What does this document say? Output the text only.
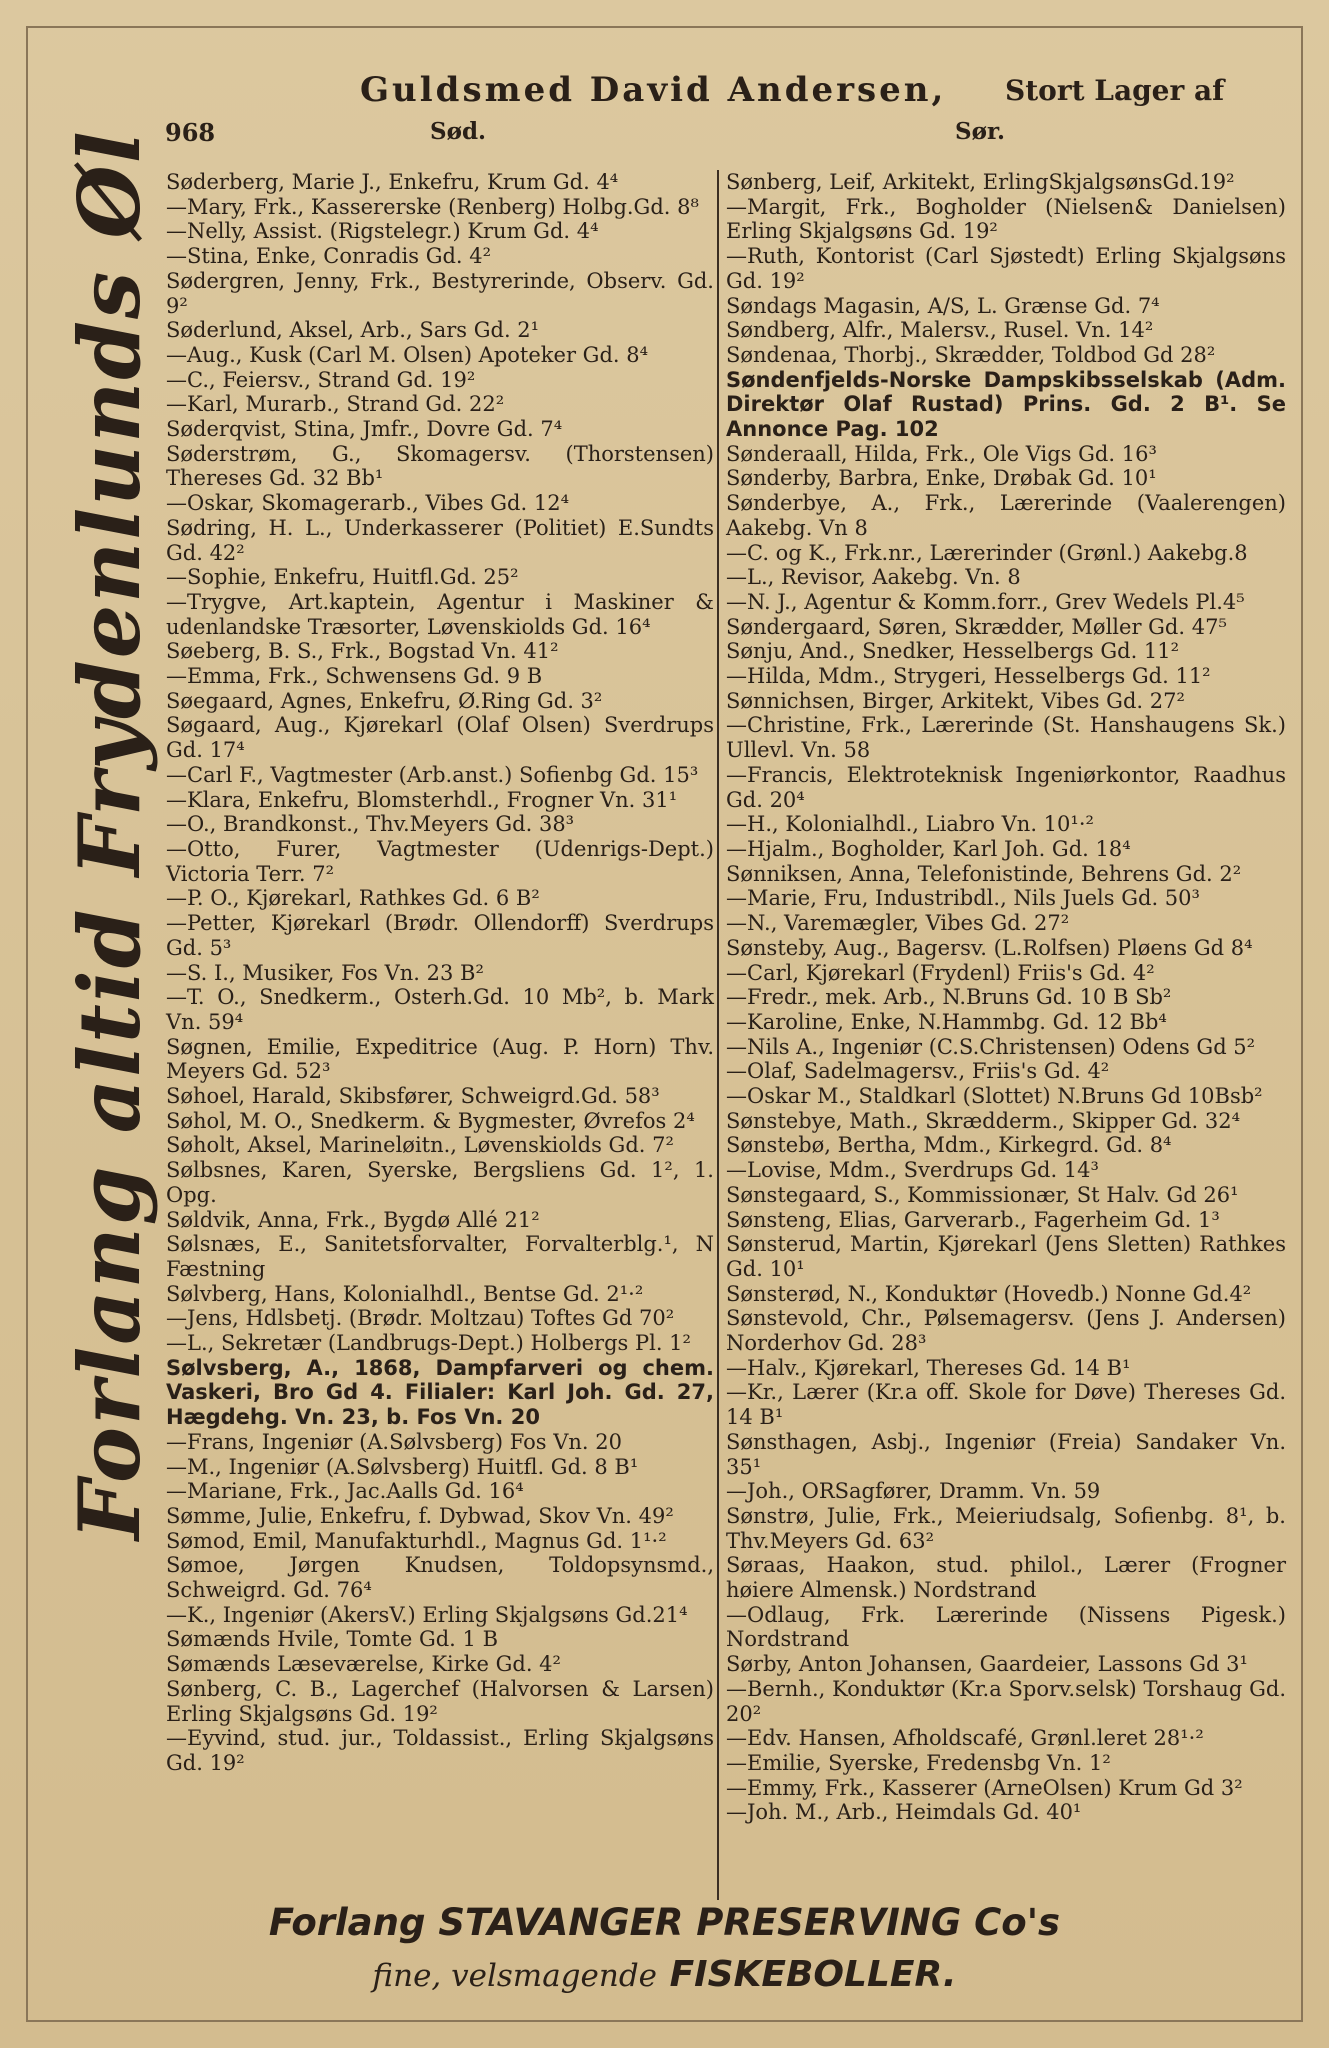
Guldsmed David Andersen, Stort Lager af
968	Sød.	Sør.
Forlang altid Frydenlunds Øl Søderberg, Marie J., Enkefru, Krum Gd. 4⁴

—Mary, Frk., Kassererske (Renberg) Holbg.Gd. 8⁸

—Nelly, Assist. (Rigstelegr.) Krum Gd. 4⁴

—Stina, Enke, Conradis Gd. 4²

Sødergren, Jenny, Frk., Bestyrerinde, Observ. Gd. 9²

Søderlund, Aksel, Arb., Sars Gd. 2¹

—Aug., Kusk (Carl M. Olsen) Apoteker Gd. 8⁴

—C., Feiersv., Strand Gd. 19²

—Karl, Murarb., Strand Gd. 22²

Søderqvist, Stina, Jmfr., Dovre Gd. 7⁴

Søderstrøm, G., Skomagersv. (Thorstensen) Thereses Gd. 32 Bb¹

—Oskar, Skomagerarb., Vibes Gd. 12⁴

Sødring, H. L., Underkasserer (Politiet) E.Sundts Gd. 42²

—Sophie, Enkefru, Huitfl.Gd. 25²

—Trygve, Art.kaptein, Agentur i Maskiner & udenlandske Træsorter, Løvenskiolds Gd. 16⁴

Søeberg, B. S., Frk., Bogstad Vn. 41²

—Emma, Frk., Schwensens Gd. 9 B

Søegaard, Agnes, Enkefru, Ø.Ring Gd. 3²

Søgaard, Aug., Kjørekarl (Olaf Olsen) Sverdrups Gd. 17⁴

—Carl F., Vagtmester (Arb.anst.) Sofienbg Gd. 15³

—Klara, Enkefru, Blomsterhdl., Frogner Vn. 31¹

—O., Brandkonst., Thv.Meyers Gd. 38³

—Otto, Furer, Vagtmester (Udenrigs-Dept.) Victoria Terr. 7²

—P. O., Kjørekarl, Rathkes Gd. 6 B²

—Petter, Kjørekarl (Brødr. Ollendorff) Sverdrups Gd. 5³

—S. I., Musiker, Fos Vn. 23 B²

—T. O., Snedkerm., Osterh.Gd. 10 Mb², b. Mark Vn. 59⁴

Søgnen, Emilie, Expeditrice (Aug. P. Horn) Thv. Meyers Gd. 52³

Søhoel, Harald, Skibsfører, Schweigrd.Gd. 58³

Søhol, M. O., Snedkerm. & Bygmester, Øvrefos 2⁴

Søholt, Aksel, Marineløitn., Løvenskiolds Gd. 7²

Sølbsnes, Karen, Syerske, Bergsliens Gd. 1², 1. Opg.

Søldvik, Anna, Frk., Bygdø Allé 21²

Sølsnæs, E., Sanitetsforvalter, Forvalterblg.¹, N Fæstning

Sølvberg, Hans, Kolonialhdl., Bentse Gd. 2¹·²

—Jens, Hdlsbetj. (Brødr. Moltzau) Toftes Gd 70²

—L., Sekretær (Landbrugs-Dept.) Holbergs Pl. 1²

Sølvsberg, A., 1868, Dampfarveri og chem. Vaskeri, Bro Gd 4. Filialer: Karl Joh. Gd. 27, Hægdehg. Vn. 23, b. Fos Vn. 20

—Frans, Ingeniør (A.Sølvsberg) Fos Vn. 20

—M., Ingeniør (A.Sølvsberg) Huitfl. Gd. 8 B¹

—Mariane, Frk., Jac.Aalls Gd. 16⁴

Sømme, Julie, Enkefru, f. Dybwad, Skov Vn. 49²

Sømod, Emil, Manufakturhdl., Magnus Gd. 1¹·²

Sømoe, Jørgen Knudsen, Toldopsynsmd., Schweigrd. Gd. 76⁴

—K., Ingeniør (AkersV.) Erling Skjalgsøns Gd.21⁴

Sømænds Hvile, Tomte Gd. 1 B

Sømænds Læseværelse, Kirke Gd. 4²

Sønberg, C. B., Lagerchef (Halvorsen & Larsen) Erling Skjalgsøns Gd. 19²

—Eyvind, stud. jur., Toldassist., Erling Skjalgsøns Gd. 19²

Sønberg, Leif, Arkitekt, ErlingSkjalgsønsGd.19²

—Margit, Frk., Bogholder (Nielsen& Danielsen) Erling Skjalgsøns Gd. 19²

—Ruth, Kontorist (Carl Sjøstedt) Erling Skjalgsøns Gd. 19²

Søndags Magasin, A/S, L. Grænse Gd. 7⁴

Søndberg, Alfr., Malersv., Rusel. Vn. 14²

Søndenaa, Thorbj., Skrædder, Toldbod Gd 28²

Søndenfjelds-Norske Dampskibsselskab (Adm. Direktør Olaf Rustad) Prins. Gd. 2 B¹. Se Annonce Pag. 102

Sønderaall, Hilda, Frk., Ole Vigs Gd. 16³

Sønderby, Barbra, Enke, Drøbak Gd. 10¹

Sønderbye, A., Frk., Lærerinde (Vaalerengen) Aakebg. Vn 8

—C. og K., Frk.nr., Lærerinder (Grønl.) Aakebg.8

—L., Revisor, Aakebg. Vn. 8

—N. J., Agentur & Komm.forr., Grev Wedels Pl.4⁵

Søndergaard, Søren, Skrædder, Møller Gd. 47⁵

Sønju, And., Snedker, Hesselbergs Gd. 11²

—Hilda, Mdm., Strygeri, Hesselbergs Gd. 11²

Sønnichsen, Birger, Arkitekt, Vibes Gd. 27²

—Christine, Frk., Lærerinde (St. Hanshaugens Sk.) Ullevl. Vn. 58

—Francis, Elektroteknisk Ingeniørkontor, Raadhus Gd. 20⁴

—H., Kolonialhdl., Liabro Vn. 10¹·²

—Hjalm., Bogholder, Karl Joh. Gd. 18⁴

Sønniksen, Anna, Telefonistinde, Behrens Gd. 2²

—Marie, Fru, Industribdl., Nils Juels Gd. 50³

—N., Varemægler, Vibes Gd. 27²

Sønsteby, Aug., Bagersv. (L.Rolfsen) Pløens Gd 8⁴

—Carl, Kjørekarl (Frydenl) Friis's Gd. 4²

—Fredr., mek. Arb., N.Bruns Gd. 10 B Sb²

—Karoline, Enke, N.Hammbg. Gd. 12 Bb⁴

—Nils A., Ingeniør (C.S.Christensen) Odens Gd 5²

—Olaf, Sadelmagersv., Friis's Gd. 4²

—Oskar M., Staldkarl (Slottet) N.Bruns Gd 10Bsb²

Sønstebye, Math., Skrædderm., Skipper Gd. 32⁴

Sønstebø, Bertha, Mdm., Kirkegrd. Gd. 8⁴

—Lovise, Mdm., Sverdrups Gd. 14³

Sønstegaard, S., Kommissionær, St Halv. Gd 26¹

Sønsteng, Elias, Garverarb., Fagerheim Gd. 1³

Sønsterud, Martin, Kjørekarl (Jens Sletten) Rathkes Gd. 10¹

Sønsterød, N., Konduktør (Hovedb.) Nonne Gd.4²

Sønstevold, Chr., Pølsemagersv. (Jens J. Andersen) Norderhov Gd. 28³

—Halv., Kjørekarl, Thereses Gd. 14 B¹

—Kr., Lærer (Kr.a off. Skole for Døve) Thereses Gd. 14 B¹

Sønsthagen, Asbj., Ingeniør (Freia) Sandaker Vn. 35¹

—Joh., ORSagfører, Dramm. Vn. 59

Sønstrø, Julie, Frk., Meieriudsalg, Sofienbg. 8¹, b. Thv.Meyers Gd. 63²

Søraas, Haakon, stud. philol., Lærer (Frogner høiere Almensk.) Nordstrand

—Odlaug, Frk. Lærerinde (Nissens Pigesk.) Nordstrand

Sørby, Anton Johansen, Gaardeier, Lassons Gd 3¹

—Bernh., Konduktør (Kr.a Sporv.selsk) Torshaug Gd. 20²

—Edv. Hansen, Afholdscafé, Grønl.leret 28¹·²

—Emilie, Syerske, Fredensbg Vn. 1²

—Emmy, Frk., Kasserer (ArneOlsen) Krum Gd 3²

—Joh. M., Arb., Heimdals Gd. 40¹

Forlang STAVANGER PRESERVING Co's
fine, velsmagende FISKEBOLLER.
